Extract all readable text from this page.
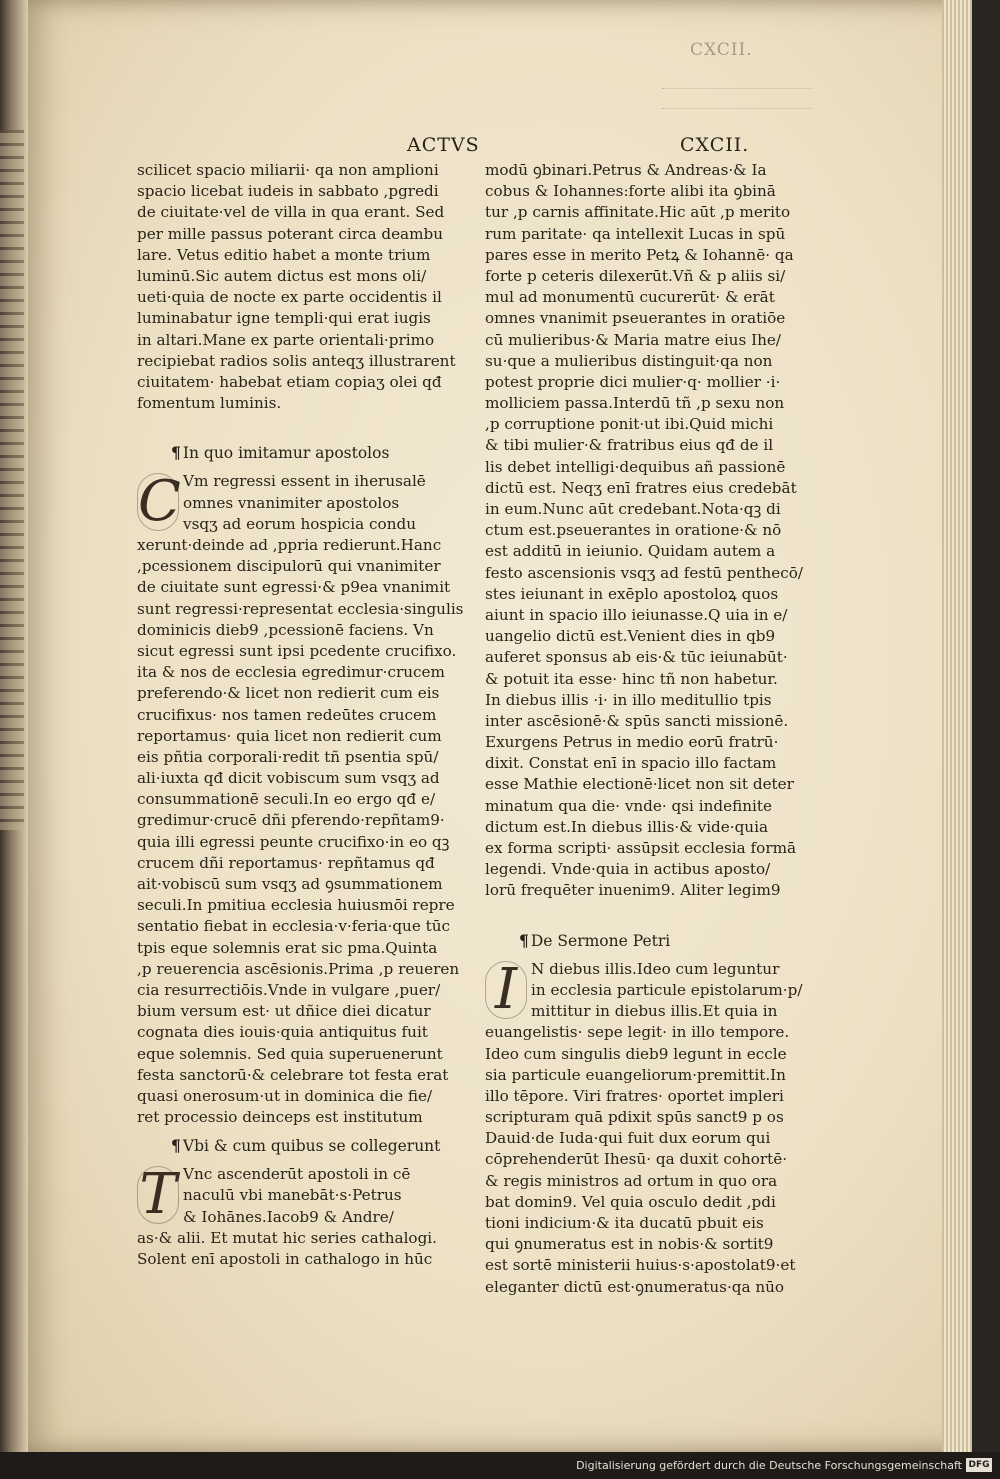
CXCII.
ACTVS	CXCII.
scilicet spacio miliarii· qa non amplioni
spacio licebat iudeis in sabbato ,pgredi
de ciuitate·vel de villa in qua erant. Sed
per mille passus poterant circa deambu
lare. Vetus editio habet a monte trium
luminū.Sic autem dictus est mons oli/
ueti·quia de nocte ex parte occidentis il
luminabatur igne templi·qui erat iugis
in altari.Mane ex parte orientali·primo
recipiebat radios solis anteqʒ illustrarent
ciuitatem· habebat etiam copiaʒ olei qđ
fomentum luminis.
¶ In quo imitamur apostolos
C Vm regressi essent in iherusalē
omnes vnanimiter apostolos
vsqʒ ad eorum hospicia condu
xerunt·deinde ad ,ppria redierunt.Hanc
,pcessionem discipulorū qui vnanimiter
de ciuitate sunt egressi·& p9ea vnanimit
sunt regressi·representat ecclesia·singulis
dominicis dieb9 ,pcessionē faciens. Vn
sicut egressi sunt ipsi pcedente crucifixo.
ita & nos de ecclesia egredimur·crucem
preferendo·& licet non redierit cum eis
crucifixus· nos tamen redeūtes crucem
reportamus· quia licet non redierit cum
eis pñtia corporali·redit tñ psentia spū/
ali·iuxta qđ dicit vobiscum sum vsqʒ ad
consummationē seculi.In eo ergo qđ e/
gredimur·crucē dñi pferendo·repñtam9·
quia illi egressi peunte crucifixo·in eo qꝫ
crucem dñi reportamus· repñtamus qđ
ait·vobiscū sum vsqʒ ad ꝯsummationem
seculi.In pmitiua ecclesia huiusmōi repre
sentatio fiebat in ecclesia·v·feria·que tūc
tpis eque solemnis erat sic pma.Quinta
,p reuerencia ascēsionis.Prima ,p reueren
cia resurrectiōis.Vnde in vulgare ,puer/
bium versum est· ut dñice diei dicatur
cognata dies iouis·quia antiquitus fuit
eque solemnis. Sed quia superuenerunt
festa sanctorū·& celebrare tot festa erat
quasi onerosum·ut in dominica die fie/
ret processio deinceps est institutum
¶ Vbi & cum quibus se collegerunt
T Vnc ascenderūt apostoli in cē
naculū vbi manebāt·s·Petrus
& Iohānes.Iacob9 & Andre/
as·& alii. Et mutat hic series cathalogi.
Solent enī apostoli in cathalogo in hūc
modū ꝯbinari.Petrus & Andreas·& Ia
cobus & Iohannes:forte alibi ita ꝯbinā
tur ,p carnis affinitate.Hic aūt ,p merito
rum paritate· qa intellexit Lucas in spū
pares esse in merito Petꝝ & Iohannē· qa
forte p ceteris dilexerūt.Vñ & p aliis si/
mul ad monumentū cucurerūt· & erāt
omnes vnanimit pseuerantes in oratiōe
cū mulieribus·& Maria matre eius Ihe/
su·que a mulieribus distinguit·qa non
potest proprie dici mulier·q· mollier ·i·
molliciem passa.Interdū tñ ,p sexu non
,p corruptione ponit·ut ibi.Quid michi
& tibi mulier·& fratribus eius qđ de il
lis debet intelligi·dequibus añ passionē
dictū est. Neqʒ enī fratres eius credebāt
in eum.Nunc aūt credebant.Nota·qꝫ di
ctum est.pseuerantes in oratione·& nō
est additū in ieiunio. Quidam autem a
festo ascensionis vsqʒ ad festū penthecō/
stes ieiunant in exēplo apostoloꝝ quos
aiunt in spacio illo ieiunasse.Q uia in e/
uangelio dictū est.Venient dies in qb9
auferet sponsus ab eis·& tūc ieiunabūt·
& potuit ita esse· hinc tñ non habetur.
In diebus illis ·i· in illo meditullio tpis
inter ascēsionē·& spūs sancti missionē.
Exurgens Petrus in medio eorū fratrū·
dixit. Constat enī in spacio illo factam
esse Mathie electionē·licet non sit deter
minatum qua die· vnde· qsi indefinite
dictum est.In diebus illis·& vide·quia
ex forma scripti· assūpsit ecclesia formā
legendi. Vnde·quia in actibus aposto/
lorū frequēter inuenim9. Aliter legim9
¶ De Sermone Petri
I N diebus illis.Ideo cum leguntur
in ecclesia particule epistolarum·p/
mittitur in diebus illis.Et quia in
euangelistis· sepe legit· in illo tempore.
Ideo cum singulis dieb9 legunt in eccle
sia particule euangeliorum·premittit.In
illo tēpore. Viri fratres· oportet impleri
scripturam quā pdixit spūs sanct9 p os
Dauid·de Iuda·qui fuit dux eorum qui
cōprehenderūt Ihesū· qa duxit cohortē·
& regis ministros ad ortum in quo ora
bat domin9. Vel quia osculo dedit ,pdi
tioni indicium·& ita ducatū pbuit eis
qui ꝯnumeratus est in nobis·& sortit9
est sortē ministerii huius·s·apostolat9·et
eleganter dictū est·ꝯnumeratus·qa nūo
Digitalisierung gefördert durch die Deutsche Forschungsgemeinschaft DFG
